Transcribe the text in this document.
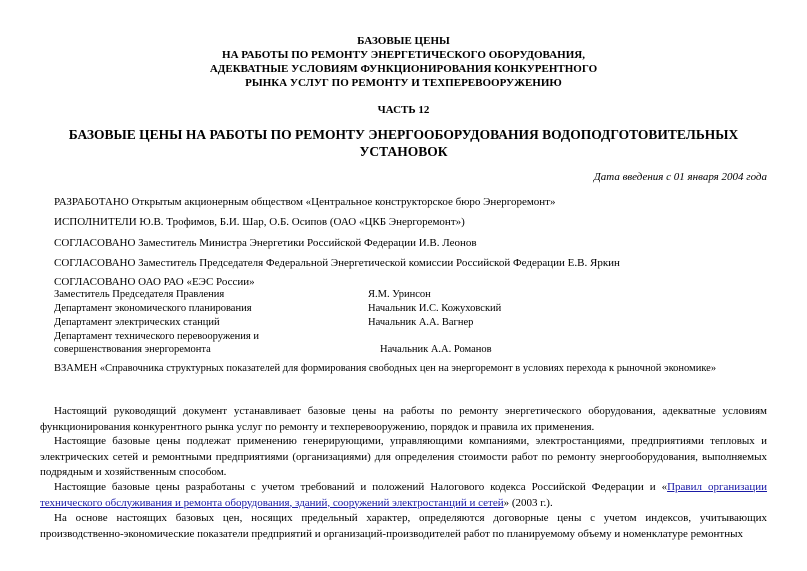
БАЗОВЫЕ ЦЕНЫ
НА РАБОТЫ ПО РЕМОНТУ ЭНЕРГЕТИЧЕСКОГО ОБОРУДОВАНИЯ,
АДЕКВАТНЫЕ УСЛОВИЯМ ФУНКЦИОНИРОВАНИЯ КОНКУРЕНТНОГО
РЫНКА УСЛУГ ПО РЕМОНТУ И ТЕХПЕРЕВООРУЖЕНИЮ
ЧАСТЬ 12
БАЗОВЫЕ ЦЕНЫ НА РАБОТЫ ПО РЕМОНТУ ЭНЕРГООБОРУДОВАНИЯ ВОДОПОДГОТОВИТЕЛЬНЫХ
УСТАНОВОК
Дата введения с 01 января 2004 года
РАЗРАБОТАНО Открытым акционерным обществом «Центральное конструкторское бюро Энергоремонт»
ИСПОЛНИТЕЛИ Ю.В. Трофимов, Б.И. Шар, О.Б. Осипов (ОАО «ЦКБ Энергоремонт»)
СОГЛАСОВАНО Заместитель Министра Энергетики Российской Федерации И.В. Леонов
СОГЛАСОВАНО Заместитель Председателя Федеральной Энергетической комиссии Российской Федерации Е.В. Яркин
СОГЛАСОВАНО ОАО РАО «ЕЭС России»
Заместитель Председателя Правления	Я.М. Уринсон
Департамент экономического планирования	Начальник И.С. Кожуховский
Департамент электрических станций	Начальник А.А. Вагнер
Департамент технического перевооружения и
совершенствования энергоремонта	Начальник А.А. Романов
ВЗАМЕН «Справочника структурных показателей для формирования свободных цен на энергоремонт в условиях перехода к рыночной экономике»
Настоящий руководящий документ устанавливает базовые цены на работы по ремонту энергетического оборудования, адекватные условиям функционирования конкурентного рынка услуг по ремонту и техперевооружению, порядок и правила их применения.
Настоящие базовые цены подлежат применению генерирующими, управляющими компаниями, электростанциями, предприятиями тепловых и электрических сетей и ремонтными предприятиями (организациями) для определения стоимости работ по ремонту энергооборудования, выполняемых подрядным и хозяйственным способом.
Настоящие базовые цены разработаны с учетом требований и положений Налогового кодекса Российской Федерации и «Правил организации технического обслуживания и ремонта оборудования, зданий, сооружений электростанций и сетей» (2003 г.).
На основе настоящих базовых цен, носящих предельный характер, определяются договорные цены с учетом индексов, учитывающих производственно-экономические показатели предприятий и организаций-производителей работ по планируемому объему и номенклатуре ремонтных
